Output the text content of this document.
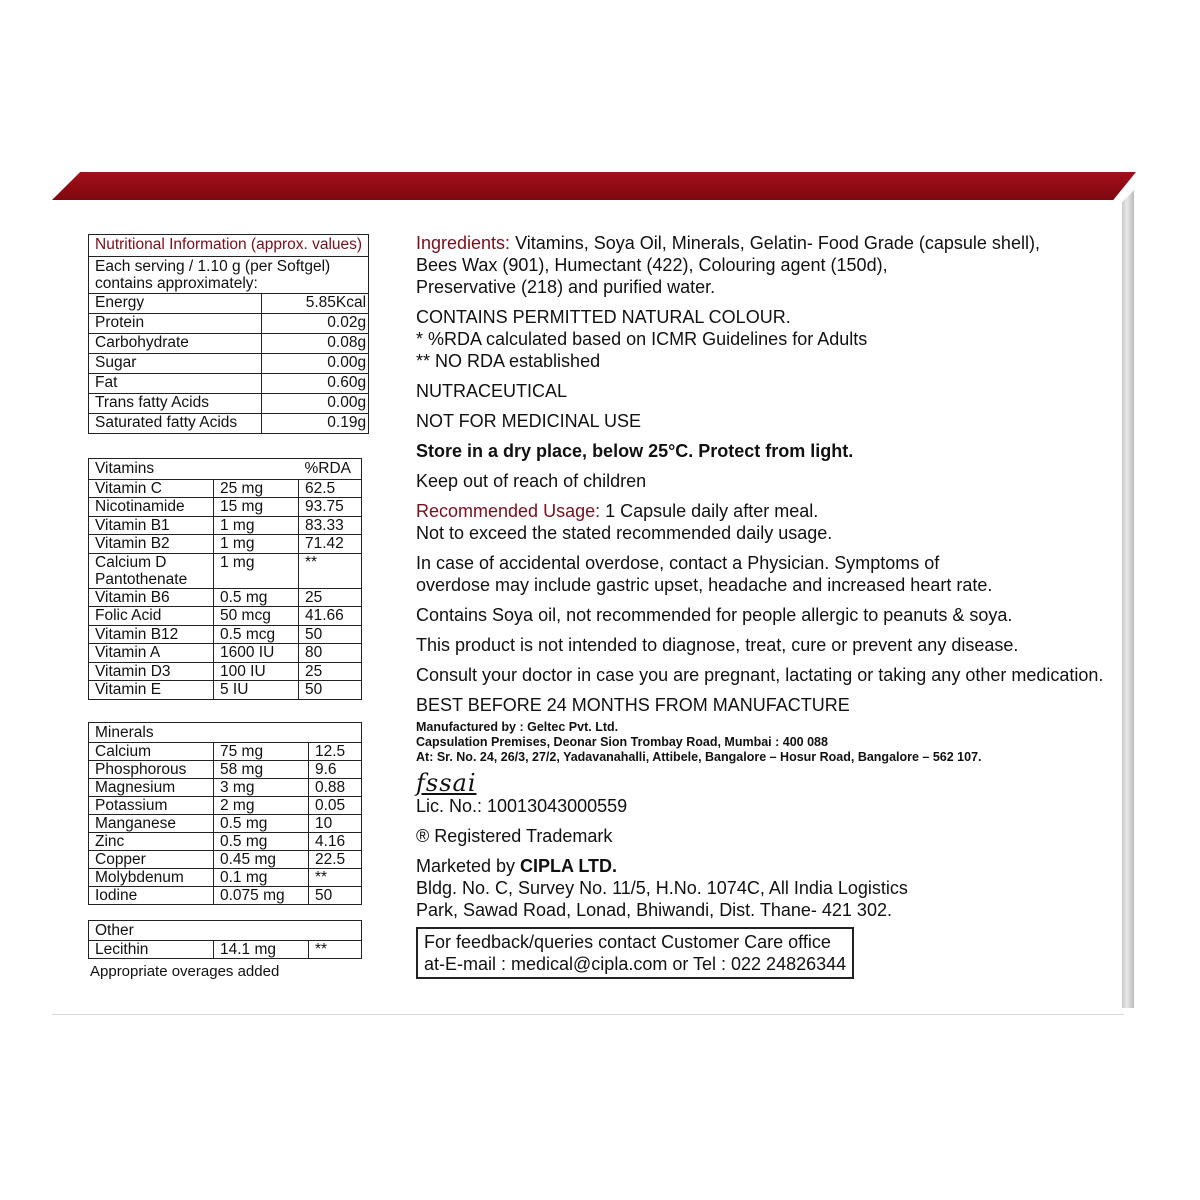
Nutritional Information (approx. values)	
Each serving / 1.10 g (per Softgel) contains approximately:	
Energy	5.85Kcal
Protein	0.02g
Carbohydrate	0.08g
Sugar	0.00g
Fat	0.60g
Trans fatty Acids	0.00g
Saturated fatty Acids	0.19g
Vitamins		%RDA
Vitamin C	25 mg	62.5
Nicotinamide	15 mg	93.75
Vitamin B1	1 mg	83.33
Vitamin B2	1 mg	71.42
Calcium D Pantothenate	1 mg	**
Vitamin B6	0.5 mg	25
Folic Acid	50 mcg	41.66
Vitamin B12	0.5 mcg	50
Vitamin A	1600 IU	80
Vitamin D3	100 IU	25
Vitamin E	5 IU	50
Minerals		
Calcium	75 mg	12.5
Phosphorous	58 mg	9.6
Magnesium	3 mg	0.88
Potassium	2 mg	0.05
Manganese	0.5 mg	10
Zinc	0.5 mg	4.16
Copper	0.45 mg	22.5
Molybdenum	0.1 mg	**
Iodine	0.075 mg	50
Other
Lecithin	14.1 mg	**
Appropriate overages added

Ingredients: Vitamins, Soya Oil, Minerals, Gelatin- Food Grade (capsule shell),

Bees Wax (901), Humectant (422), Colouring agent (150d),

Preservative (218) and purified water.

CONTAINS PERMITTED NATURAL COLOUR.

* %RDA calculated based on ICMR Guidelines for Adults

** NO RDA established

NUTRACEUTICAL

NOT FOR MEDICINAL USE

Store in a dry place, below 25°C. Protect from light.

Keep out of reach of children

Recommended Usage: 1 Capsule daily after meal.

Not to exceed the stated recommended daily usage.

In case of accidental overdose, contact a Physician. Symptoms of

overdose may include gastric upset, headache and increased heart rate.

Contains Soya oil, not recommended for people allergic to peanuts & soya.

This product is not intended to diagnose, treat, cure or prevent any disease.

Consult your doctor in case you are pregnant, lactating or taking any other medication.

BEST BEFORE 24 MONTHS FROM MANUFACTURE

Manufactured by : Geltec Pvt. Ltd.

Capsulation Premises, Deonar Sion Trombay Road, Mumbai : 400 088

At: Sr. No. 24, 26/3, 27/2, Yadavanahalli, Attibele, Bangalore – Hosur Road, Bangalore – 562 107.

fssai

Lic. No.: 10013043000559

® Registered Trademark

Marketed by CIPLA LTD.

Bldg. No. C, Survey No. 11/5, H.No. 1074C, All India Logistics

Park, Sawad Road, Lonad, Bhiwandi, Dist. Thane- 421 302.

For feedback/queries contact Customer Care office

at-E-mail : medical@cipla.com or Tel : 022 24826344
